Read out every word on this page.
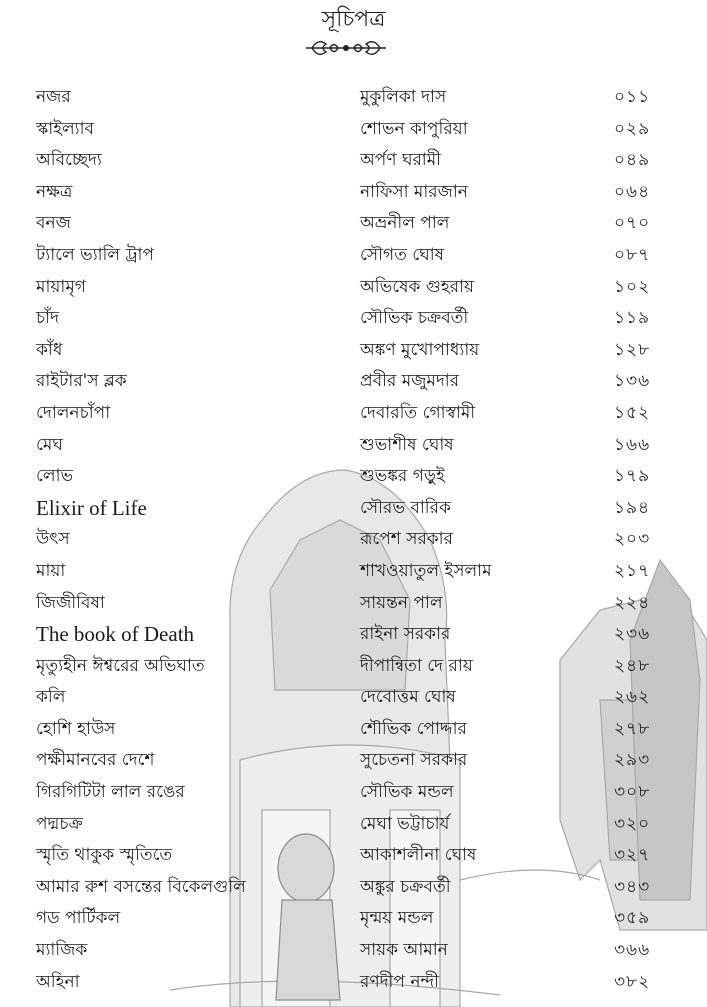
সূচিপত্র
নজর	মুকুলিকা দাস	০১১
স্কাইল্যাব	শোভন কাপুরিয়া	০২৯
অবিচ্ছেদ্য	অর্পণ ঘরামী	০৪৯
নক্ষত্র	নাফিসা মারজান	০৬৪
বনজ	অভ্রনীল পাল	০৭০
ট্যালে ভ্যালি ট্রাপ	সৌগত ঘোষ	০৮৭
মায়ামৃগ	অভিষেক গুহরায়	১০২
চাঁদ	সৌভিক চক্রবর্তী	১১৯
কাঁধ	অঙ্কণ মুখোপাধ্যায়	১২৮
রাইটার'স ব্লক	প্রবীর মজুমদার	১৩৬
দোলনচাঁপা	দেবারতি গোস্বামী	১৫২
মেঘ	শুভাশীষ ঘোষ	১৬৬
লোভ	শুভঙ্কর গড়ুই	১৭৯
Elixir of Life	সৌরভ বারিক	১৯৪
উৎস	রূপেশ সরকার	২০৩
মায়া	শাখওয়াতুল ইসলাম	২১৭
জিজীবিষা	সায়ন্তন পাল	২২৪
The book of Death	রাইনা সরকার	২৩৬
মৃত্যুহীন ঈশ্বরের অভিঘাত	দীপান্বিতা দে রায়	২৪৮
কলি	দেবোত্তম ঘোষ	২৬২
হোশি হাউস	শৌভিক পোদ্দার	২৭৮
পক্ষীমানবের দেশে	সুচেতনা সরকার	২৯৩
গিরগিটিটা লাল রঙের	সৌভিক মন্ডল	৩০৮
পদ্মচক্র	মেঘা ভট্টাচার্য	৩২০
স্মৃতি থাকুক স্মৃতিতে	আকাশলীনা ঘোষ	৩২৭
আমার রুশ বসন্তের বিকেলগুলি	অঙ্কুর চক্রবর্তী	৩৪৩
গড পার্টিকল	মৃন্ময় মন্ডল	৩৫৯
ম্যাজিক	সায়ক আমান	৩৬৬
অহিনা	রণদীপ নন্দী	৩৮২
